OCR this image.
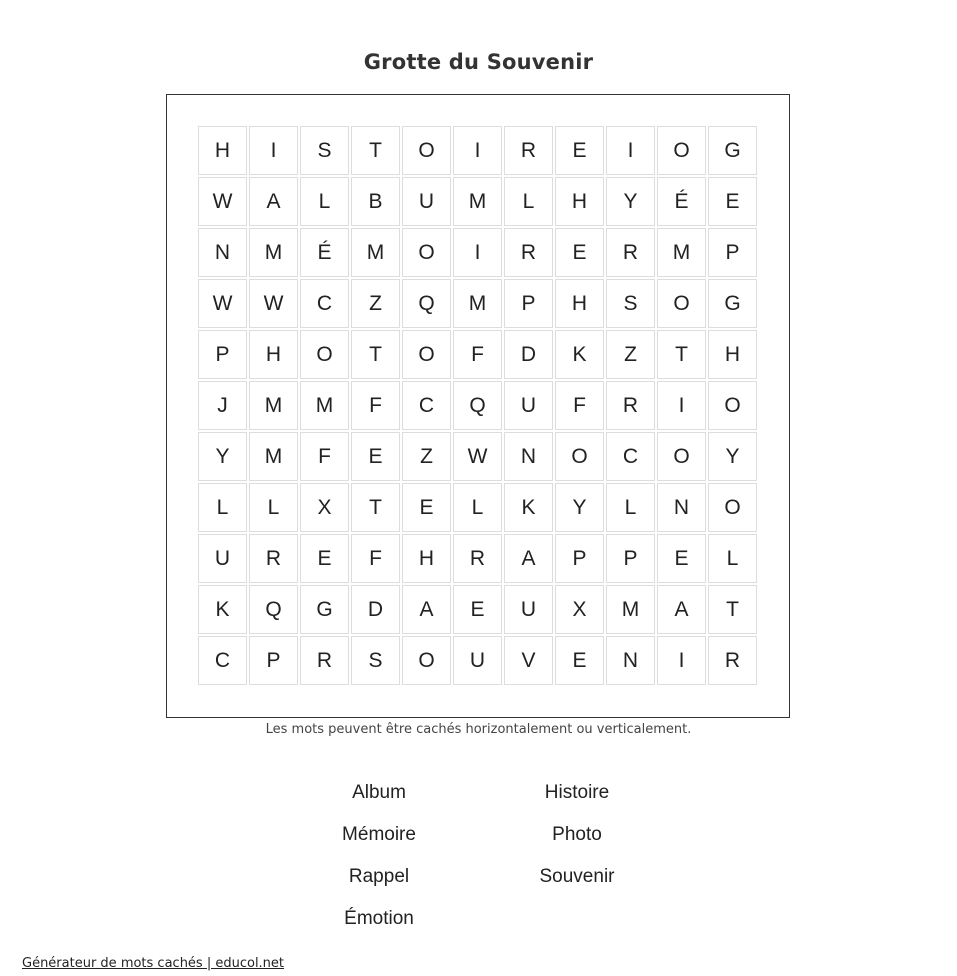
Grotte du Souvenir
H	I	S	T	O	I	R	E	I	O	G
W	A	L	B	U	M	L	H	Y	É	E
N	M	É	M	O	I	R	E	R	M	P
W	W	C	Z	Q	M	P	H	S	O	G
P	H	O	T	O	F	D	K	Z	T	H
J	M	M	F	C	Q	U	F	R	I	O
Y	M	F	E	Z	W	N	O	C	O	Y
L	L	X	T	E	L	K	Y	L	N	O
U	R	E	F	H	R	A	P	P	E	L
K	Q	G	D	A	E	U	X	M	A	T
C	P	R	S	O	U	V	E	N	I	R
Les mots peuvent être cachés horizontalement ou verticalement.
Album	Histoire
Mémoire	Photo
Rappel	Souvenir
Émotion
Générateur de mots cachés | educol.net
